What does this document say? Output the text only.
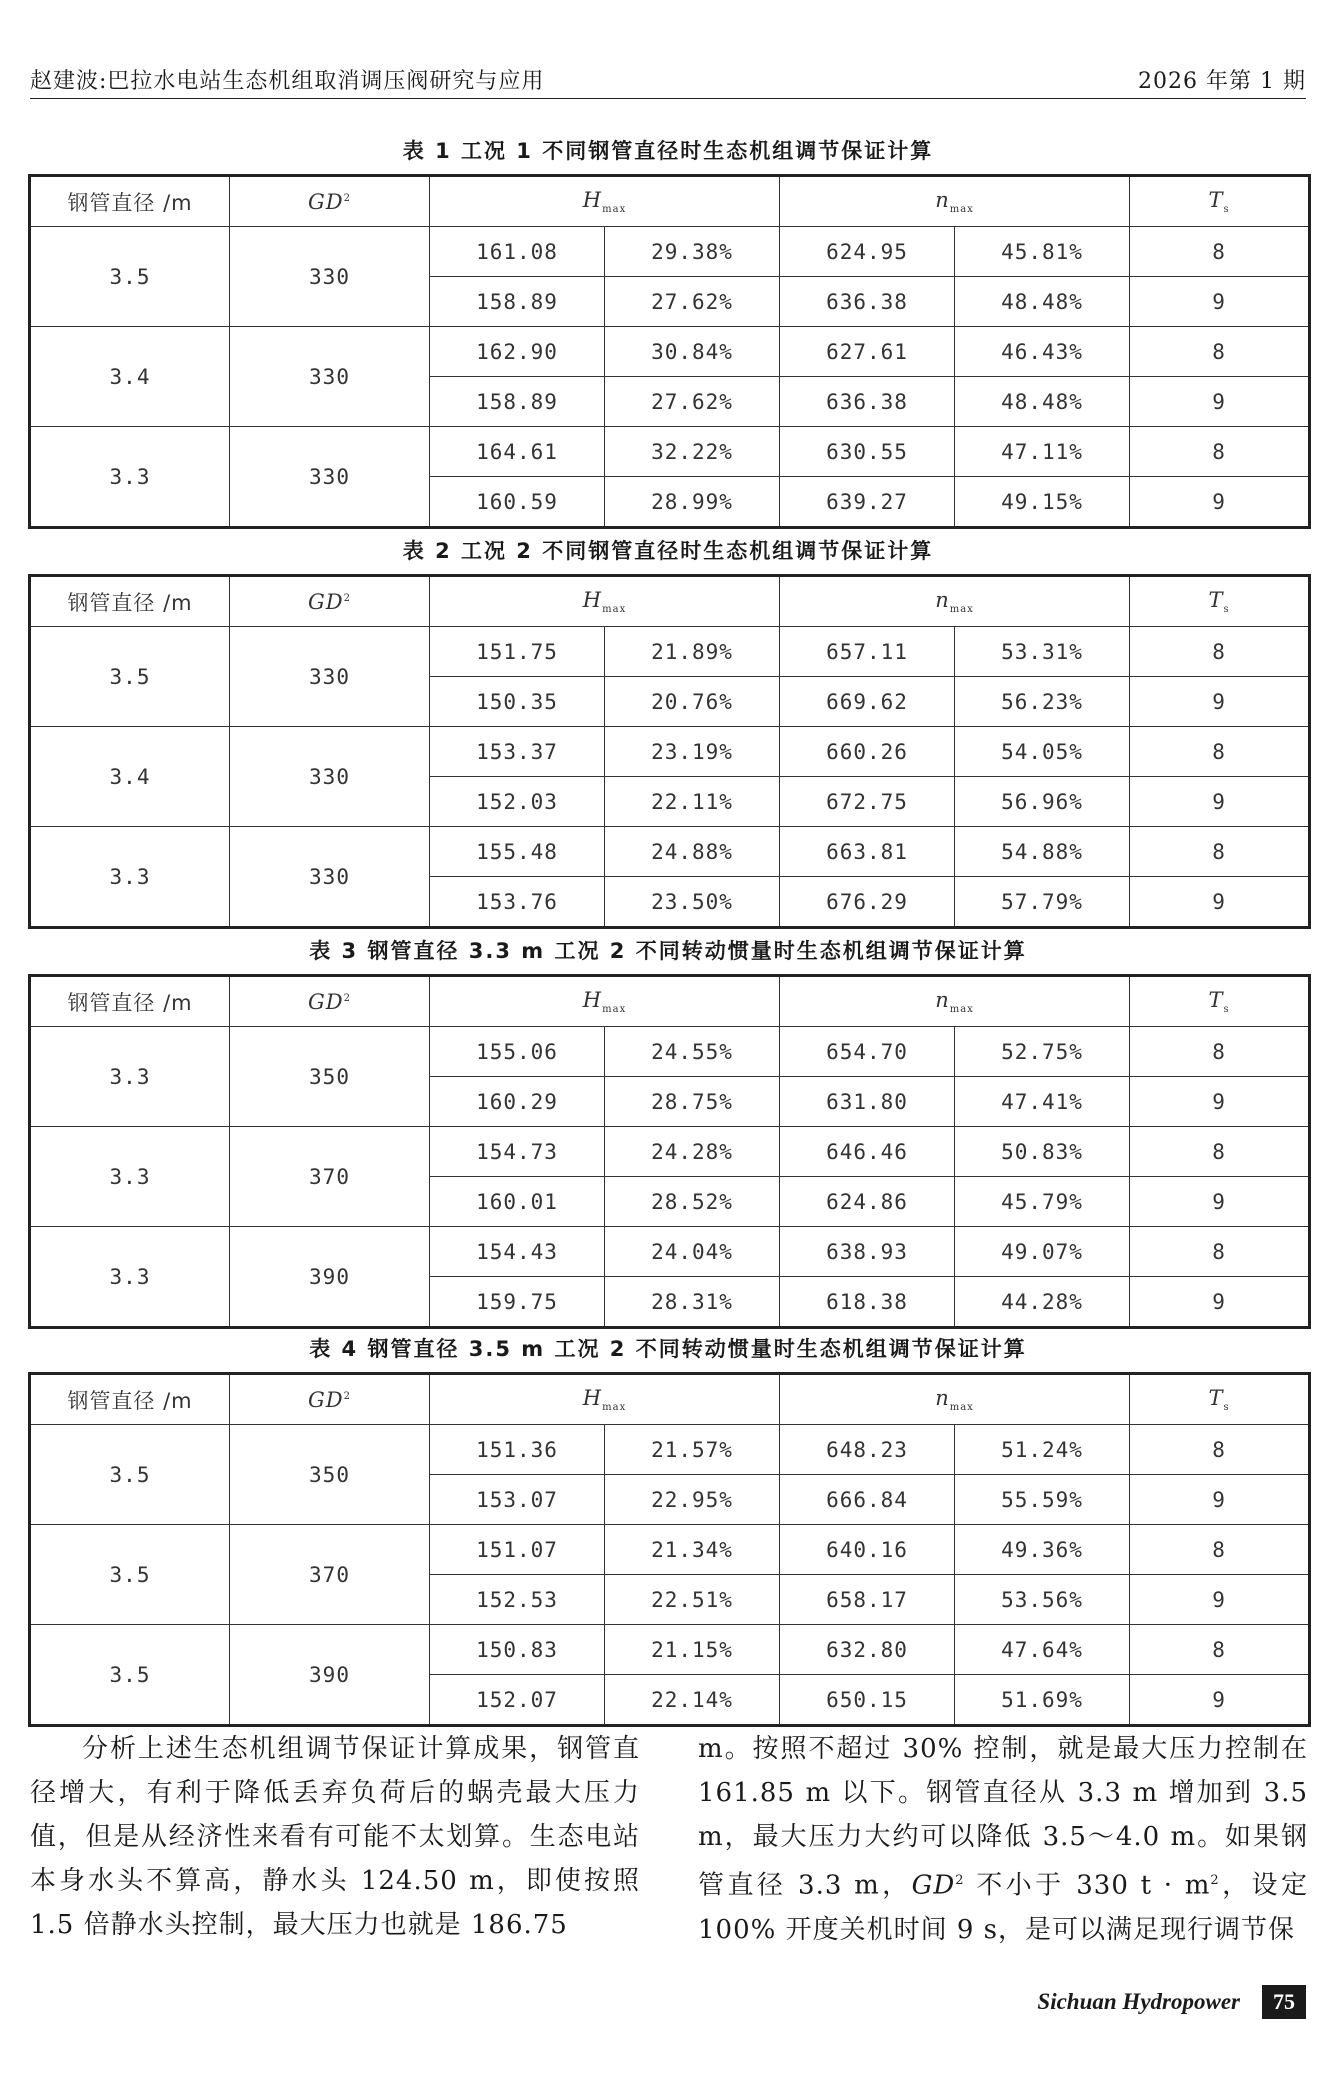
赵建波:巴拉水电站生态机组取消调压阀研究与应用	2026 年第 1 期
表 1 工况 1 不同钢管直径时生态机组调节保证计算
钢管直径 /m	$GD^2$	$H_{max}$		$n_{max}$		$T_s$
3.5	330	161.08	29.38%	624.95	45.81%	8
		158.89	27.62%	636.38	48.48%	9
3.4	330	162.90	30.84%	627.61	46.43%	8
		158.89	27.62%	636.38	48.48%	9
3.3	330	164.61	32.22%	630.55	47.11%	8
		160.59	28.99%	639.27	49.15%	9
表 2 工况 2 不同钢管直径时生态机组调节保证计算
钢管直径 /m	$GD^2$	$H_{max}$		$n_{max}$		$T_s$
3.5	330	151.75	21.89%	657.11	53.31%	8
		150.35	20.76%	669.62	56.23%	9
3.4	330	153.37	23.19%	660.26	54.05%	8
		152.03	22.11%	672.75	56.96%	9
3.3	330	155.48	24.88%	663.81	54.88%	8
		153.76	23.50%	676.29	57.79%	9
表 3 钢管直径 3.3 m 工况 2 不同转动惯量时生态机组调节保证计算
钢管直径 /m	$GD^2$	$H_{max}$		$n_{max}$		$T_s$
3.3	350	155.06	24.55%	654.70	52.75%	8
		160.29	28.75%	631.80	47.41%	9
3.3	370	154.73	24.28%	646.46	50.83%	8
		160.01	28.52%	624.86	45.79%	9
3.3	390	154.43	24.04%	638.93	49.07%	8
		159.75	28.31%	618.38	44.28%	9
表 4 钢管直径 3.5 m 工况 2 不同转动惯量时生态机组调节保证计算
钢管直径 /m	$GD^2$	$H_{max}$		$n_{max}$		$T_s$
3.5	350	151.36	21.57%	648.23	51.24%	8
		153.07	22.95%	666.84	55.59%	9
3.5	370	151.07	21.34%	640.16	49.36%	8
		152.53	22.51%	658.17	53.56%	9
3.5	390	150.83	21.15%	632.80	47.64%	8
		152.07	22.14%	650.15	51.69%	9
分析上述生态机组调节保证计算成果，钢管直径增大，有利于降低丢弃负荷后的蜗壳最大压力值，但是从经济性来看有可能不太划算。生态电站本身水头不算高，静水头 124.50 m，即使按照 1.5 倍静水头控制，最大压力也就是 186.75
m。按照不超过 30% 控制，就是最大压力控制在 161.85 m 以下。钢管直径从 3.3 m 增加到 3.5 m，最大压力大约可以降低 3.5～4.0 m。如果钢管直径 3.3 m，$GD^2$ 不小于 330 $t \cdot m^2$，设定 100% 开度关机时间 9 s，是可以满足现行调节保
Sichuan Hydropower	75
